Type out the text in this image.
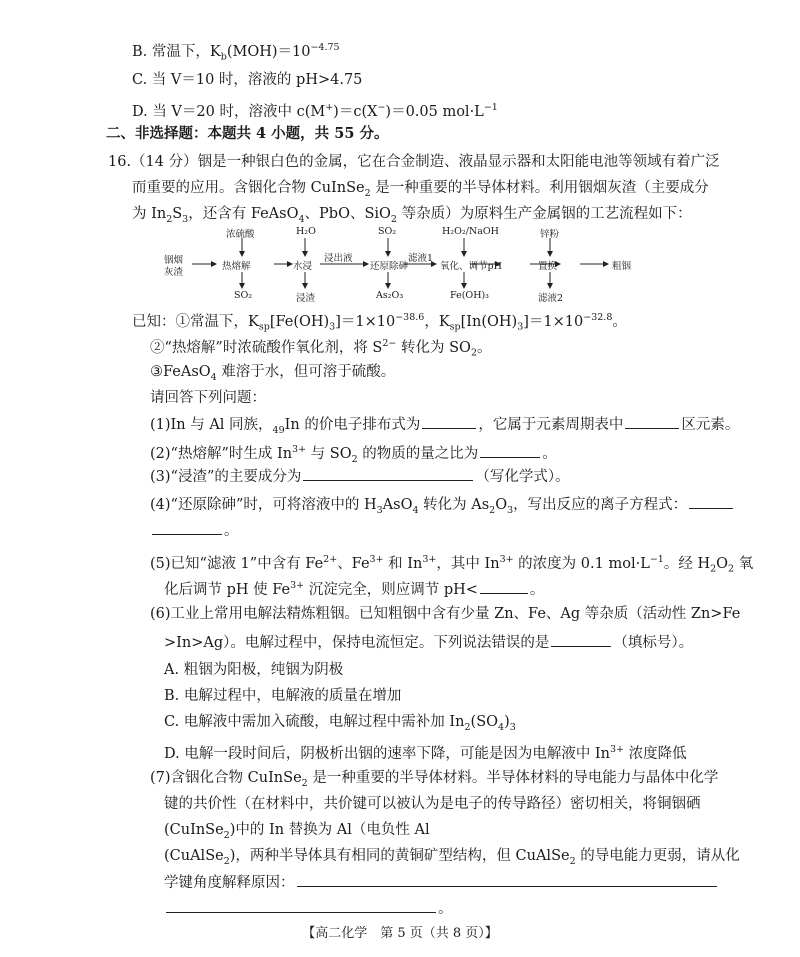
B. 常温下，$K_b(MOH)=10^{-4.75}$
C. 当 V＝10 时，溶液的 pH>4.75
D. 当 V＝20 时，溶液中 c(M+)＝c(X−)＝0.05 $mol\cdot L^{-1}$
二、非选择题：本题共 4 小题，共 55 分。
16.（14 分）铟是一种银白色的金属，它在合金制造、液晶显示器和太阳能电池等领域有着广泛
而重要的应用。含铟化合物 CuInSe$_2$ 是一种重要的半导体材料。利用铟烟灰渣（主要成分
为 $In_2S_3$，还含有 FeAsO$_4$、PbO、SiO$_2$ 等杂质）为原料生产金属铟的工艺流程如下：
铟烟
灰渣
浓硫酸	H₂O	SO₂	H₂O₂/NaOH	锌粉
热熔解	水浸
浸出液
还原除砷
滤液1
氧化、调节pH	置换	粗铟
SO₂	浸渣	As₂O₃	Fe(OH)₃	滤液2
已知：①常温下，$K_{sp}[Fe(OH)_3]=1\times 10^{-38.6}$，$K_{sp}[In(OH)_3]=1\times 10^{-32.8}$。
②“热熔解”时浓硫酸作氧化剂，将 $S^{2-}$ 转化为 $SO_2$。
③FeAsO$_4$ 难溶于水，但可溶于硫酸。
请回答下列问题：
(1)In 与 Al 同族，$_{49}$In 的价电子排布式为	，它属于元素周期表中	区元素。
(2)“热熔解”时生成 $In^{3+}$ 与 $SO_2$ 的物质的量之比为	。
(3)“浸渣”的主要成分为	（写化学式）。
(4)“还原除砷”时，可将溶液中的 $H_3AsO_4$ 转化为 $As_2O_3$，写出反应的离子方程式：
。
(5)已知“滤液 1”中含有 $Fe^{2+}$、$Fe^{3+}$ 和 $In^{3+}$，其中 $In^{3+}$ 的浓度为 0.1 $mol\cdot L^{-1}$。经 $H_2O_2$ 氧
化后调节 pH 使 $Fe^{3+}$ 沉淀完全，则应调节 pH<	。
(6)工业上常用电解法精炼粗铟。已知粗铟中含有少量 Zn、Fe、Ag 等杂质（活动性 Zn>Fe
>In>Ag）。电解过程中，保持电流恒定。下列说法错误的是	（填标号）。
A. 粗铟为阳极，纯铟为阴极
B. 电解过程中，电解液的质量在增加
C. 电解液中需加入硫酸，电解过程中需补加 $In_2(SO_4)_3$
D. 电解一段时间后，阴极析出铟的速率下降，可能是因为电解液中 $In^{3+}$ 浓度降低
(7)含铟化合物 CuInSe$_2$ 是一种重要的半导体材料。半导体材料的导电能力与晶体中化学
键的共价性（在材料中，共价键可以被认为是电子的传导路径）密切相关，将铜铟硒
(CuInSe$_2$)中的 In 替换为 Al（电负性 Al
(CuAlSe$_2$)，两种半导体具有相同的黄铜矿型结构，但 CuAlSe$_2$ 的导电能力更弱，请从化
学键角度解释原因：
。
【高二化学　第 5 页（共 8 页）】
